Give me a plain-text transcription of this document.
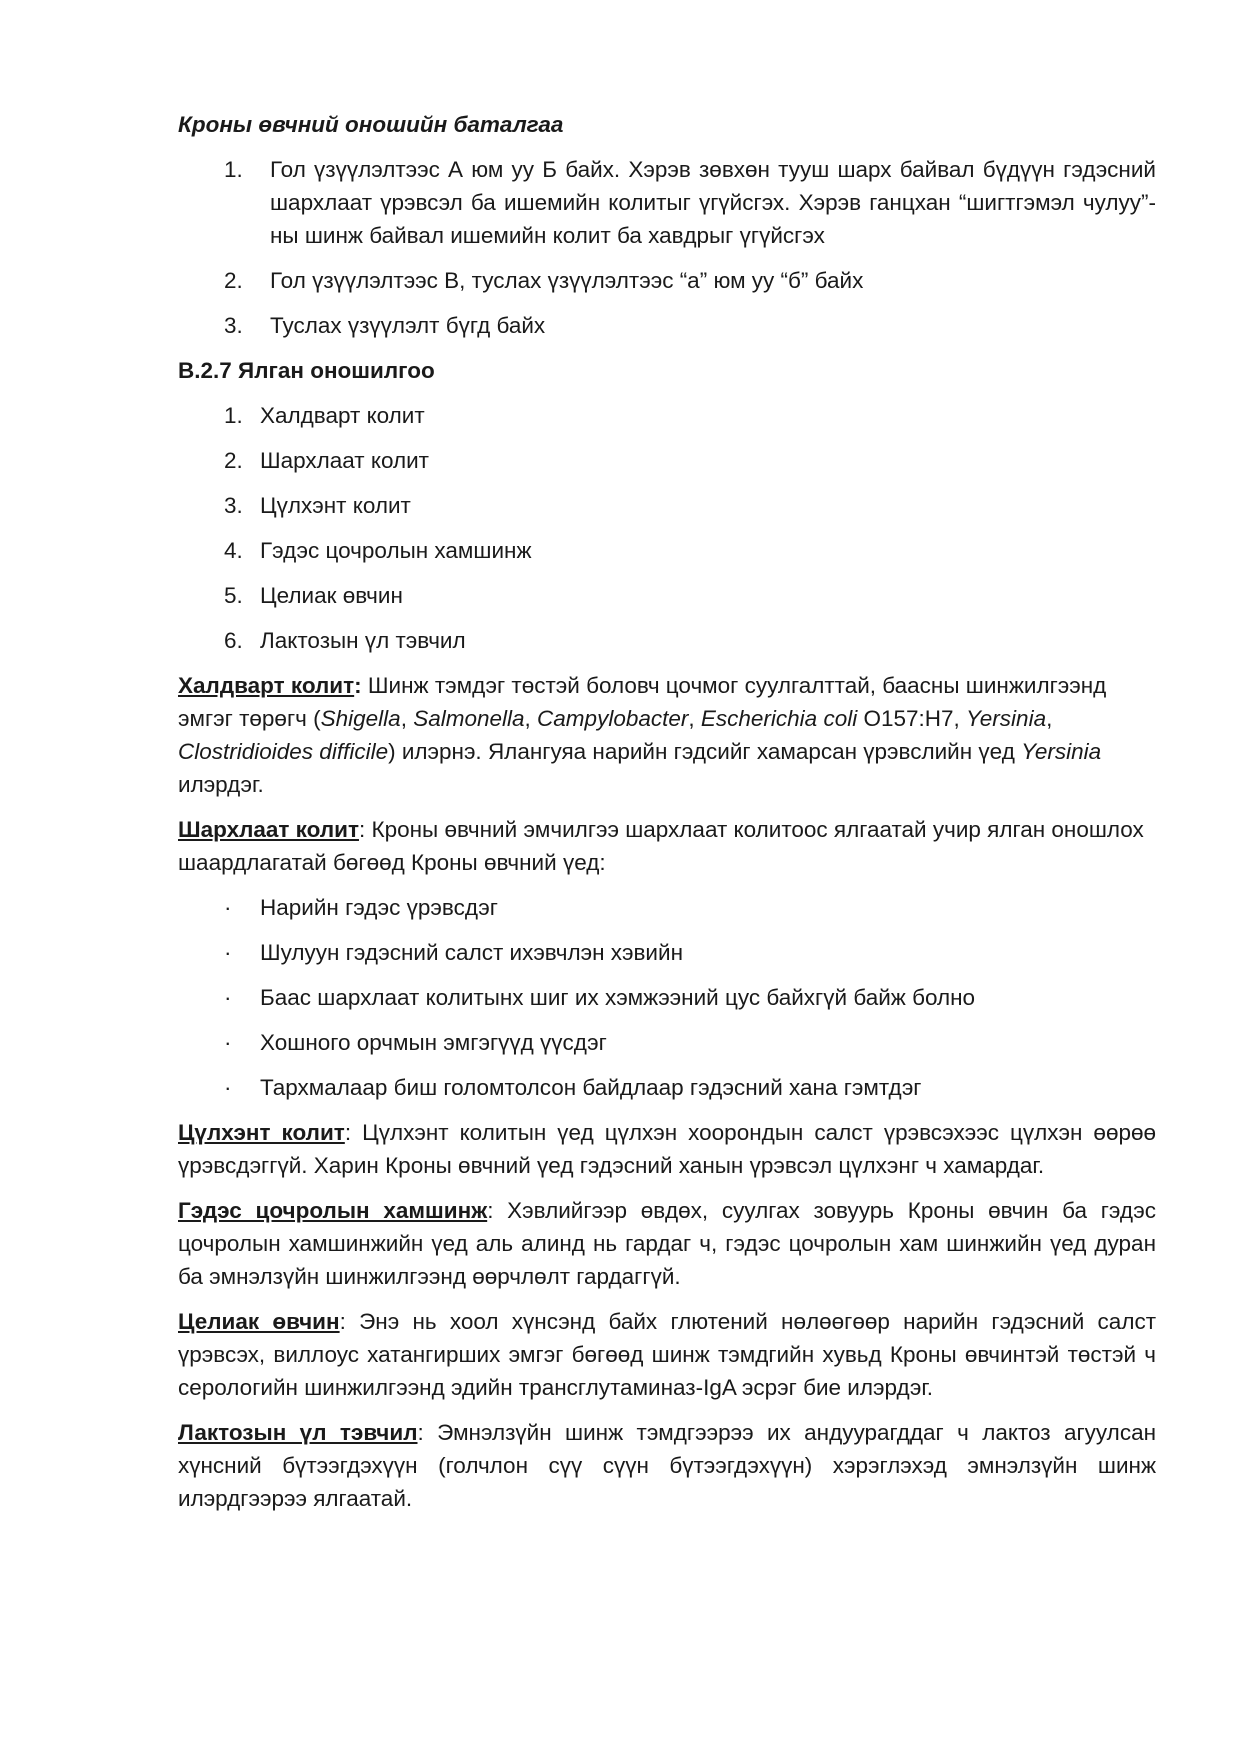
Кроны өвчний оношийн баталгаа
1.	Гол үзүүлэлтээс А юм уу Б байх. Хэрэв зөвхөн тууш шарх байвал бүдүүн гэдэсний шархлаат үрэвсэл ба ишемийн колитыг үгүйсгэх. Хэрэв ганцхан “шигтгэмэл чулуу”-ны шинж байвал ишемийн колит ба хавдрыг үгүйсгэх
2.	Гол үзүүлэлтээс В, туслах үзүүлэлтээс “а” юм уу “б” байх
3.	Туслах үзүүлэлт бүгд байх
В.2.7 Ялган оношилгоо
1. Халдварт колит
2. Шархлаат колит
3. Цүлхэнт колит
4. Гэдэс цочролын хамшинж
5. Целиак өвчин
6. Лактозын үл тэвчил

Халдварт колит: Шинж тэмдэг төстэй боловч цочмог суулгалттай, баасны шинжилгээнд эмгэг төрөгч (Shigella, Salmonella, Campylobacter, Escherichia coli O157:H7, Yersinia, Clostridioides difficile) илэрнэ. Ялангуяа нарийн гэдсийг хамарсан үрэвслийн үед Yersinia илэрдэг.

Шархлаат колит: Кроны өвчний эмчилгээ шархлаат колитоос ялгаатай учир ялган оношлох шаардлагатай бөгөөд Кроны өвчний үед:

·	Нарийн гэдэс үрэвсдэг
·	Шулуун гэдэсний салст ихэвчлэн хэвийн
·	Баас шархлаат колитынх шиг их хэмжээний цус байхгүй байж болно
·	Хошного орчмын эмгэгүүд үүсдэг
·	Тархмалаар биш голомтолсон байдлаар гэдэсний хана гэмтдэг

Цүлхэнт колит: Цүлхэнт колитын үед цүлхэн хоорондын салст үрэвсэхээс цүлхэн өөрөө үрэвсдэггүй. Харин Кроны өвчний үед гэдэсний ханын үрэвсэл цүлхэнг ч хамардаг.

Гэдэс цочролын хамшинж: Хэвлийгээр өвдөх, суулгах зовуурь Кроны өвчин ба гэдэс цочролын хамшинжийн үед аль алинд нь гардаг ч, гэдэс цочролын хам шинжийн үед дуран ба эмнэлзүйн шинжилгээнд өөрчлөлт гардаггүй.

Целиак өвчин: Энэ нь хоол хүнсэнд байх глютений нөлөөгөөр нарийн гэдэсний салст үрэвсэх, виллоус хатангирших эмгэг бөгөөд шинж тэмдгийн хувьд Кроны өвчинтэй төстэй ч серологийн шинжилгээнд эдийн трансглутаминаз-IgA эсрэг бие илэрдэг.

Лактозын үл тэвчил: Эмнэлзүйн шинж тэмдгээрээ их андуурагддаг ч лактоз агуулсан хүнсний бүтээгдэхүүн (голчлон сүү сүүн бүтээгдэхүүн) хэрэглэхэд эмнэлзүйн шинж илэрдгээрээ ялгаатай.
